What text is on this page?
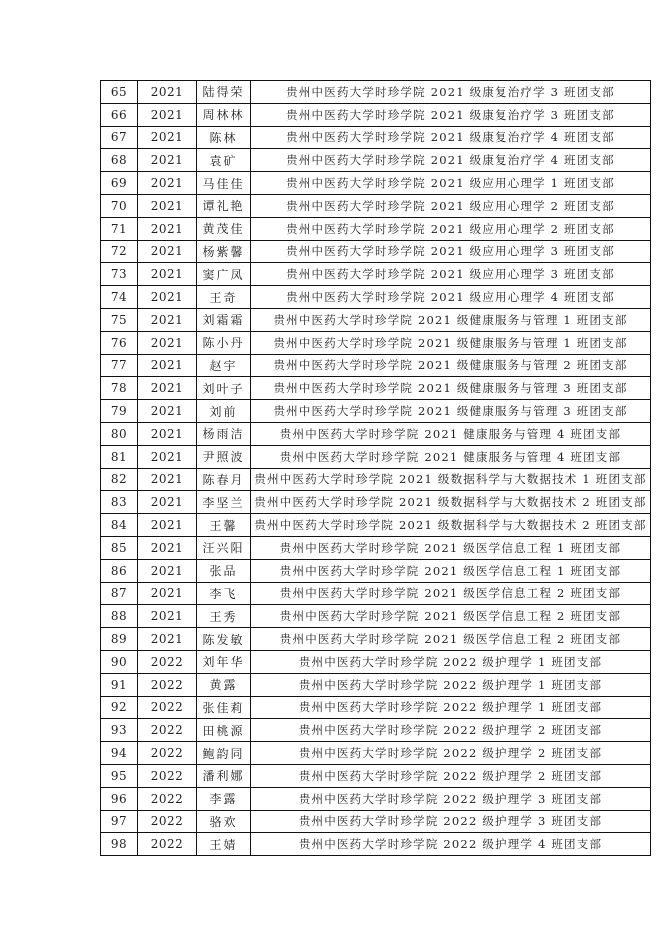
65	2021	陆得荣	贵州中医药大学时珍学院 2021 级康复治疗学 3 班团支部
66	2021	周林林	贵州中医药大学时珍学院 2021 级康复治疗学 3 班团支部
67	2021	陈林	贵州中医药大学时珍学院 2021 级康复治疗学 4 班团支部
68	2021	袁矿	贵州中医药大学时珍学院 2021 级康复治疗学 4 班团支部
69	2021	马佳佳	贵州中医药大学时珍学院 2021 级应用心理学 1 班团支部
70	2021	谭礼艳	贵州中医药大学时珍学院 2021 级应用心理学 2 班团支部
71	2021	黄茂佳	贵州中医药大学时珍学院 2021 级应用心理学 2 班团支部
72	2021	杨紫馨	贵州中医药大学时珍学院 2021 级应用心理学 3 班团支部
73	2021	窦广凤	贵州中医药大学时珍学院 2021 级应用心理学 3 班团支部
74	2021	王奇	贵州中医药大学时珍学院 2021 级应用心理学 4 班团支部
75	2021	刘霜霜	贵州中医药大学时珍学院 2021 级健康服务与管理 1 班团支部
76	2021	陈小丹	贵州中医药大学时珍学院 2021 级健康服务与管理 1 班团支部
77	2021	赵宇	贵州中医药大学时珍学院 2021 级健康服务与管理 2 班团支部
78	2021	刘叶子	贵州中医药大学时珍学院 2021 级健康服务与管理 3 班团支部
79	2021	刘前	贵州中医药大学时珍学院 2021 级健康服务与管理 3 班团支部
80	2021	杨雨洁	贵州中医药大学时珍学院 2021 健康服务与管理 4 班团支部
81	2021	尹照波	贵州中医药大学时珍学院 2021 健康服务与管理 4 班团支部
82	2021	陈春月	贵州中医药大学时珍学院 2021 级数据科学与大数据技术 1 班团支部
83	2021	李坚兰	贵州中医药大学时珍学院 2021 级数据科学与大数据技术 2 班团支部
84	2021	王馨	贵州中医药大学时珍学院 2021 级数据科学与大数据技术 2 班团支部
85	2021	汪兴阳	贵州中医药大学时珍学院 2021 级医学信息工程 1 班团支部
86	2021	张品	贵州中医药大学时珍学院 2021 级医学信息工程 1 班团支部
87	2021	李飞	贵州中医药大学时珍学院 2021 级医学信息工程 2 班团支部
88	2021	王秀	贵州中医药大学时珍学院 2021 级医学信息工程 2 班团支部
89	2021	陈发敏	贵州中医药大学时珍学院 2021 级医学信息工程 2 班团支部
90	2022	刘年华	贵州中医药大学时珍学院 2022 级护理学 1 班团支部
91	2022	黄露	贵州中医药大学时珍学院 2022 级护理学 1 班团支部
92	2022	张佳莉	贵州中医药大学时珍学院 2022 级护理学 1 班团支部
93	2022	田桃源	贵州中医药大学时珍学院 2022 级护理学 2 班团支部
94	2022	鲍韵同	贵州中医药大学时珍学院 2022 级护理学 2 班团支部
95	2022	潘利娜	贵州中医药大学时珍学院 2022 级护理学 2 班团支部
96	2022	李露	贵州中医药大学时珍学院 2022 级护理学 3 班团支部
97	2022	骆欢	贵州中医药大学时珍学院 2022 级护理学 3 班团支部
98	2022	王婧	贵州中医药大学时珍学院 2022 级护理学 4 班团支部
